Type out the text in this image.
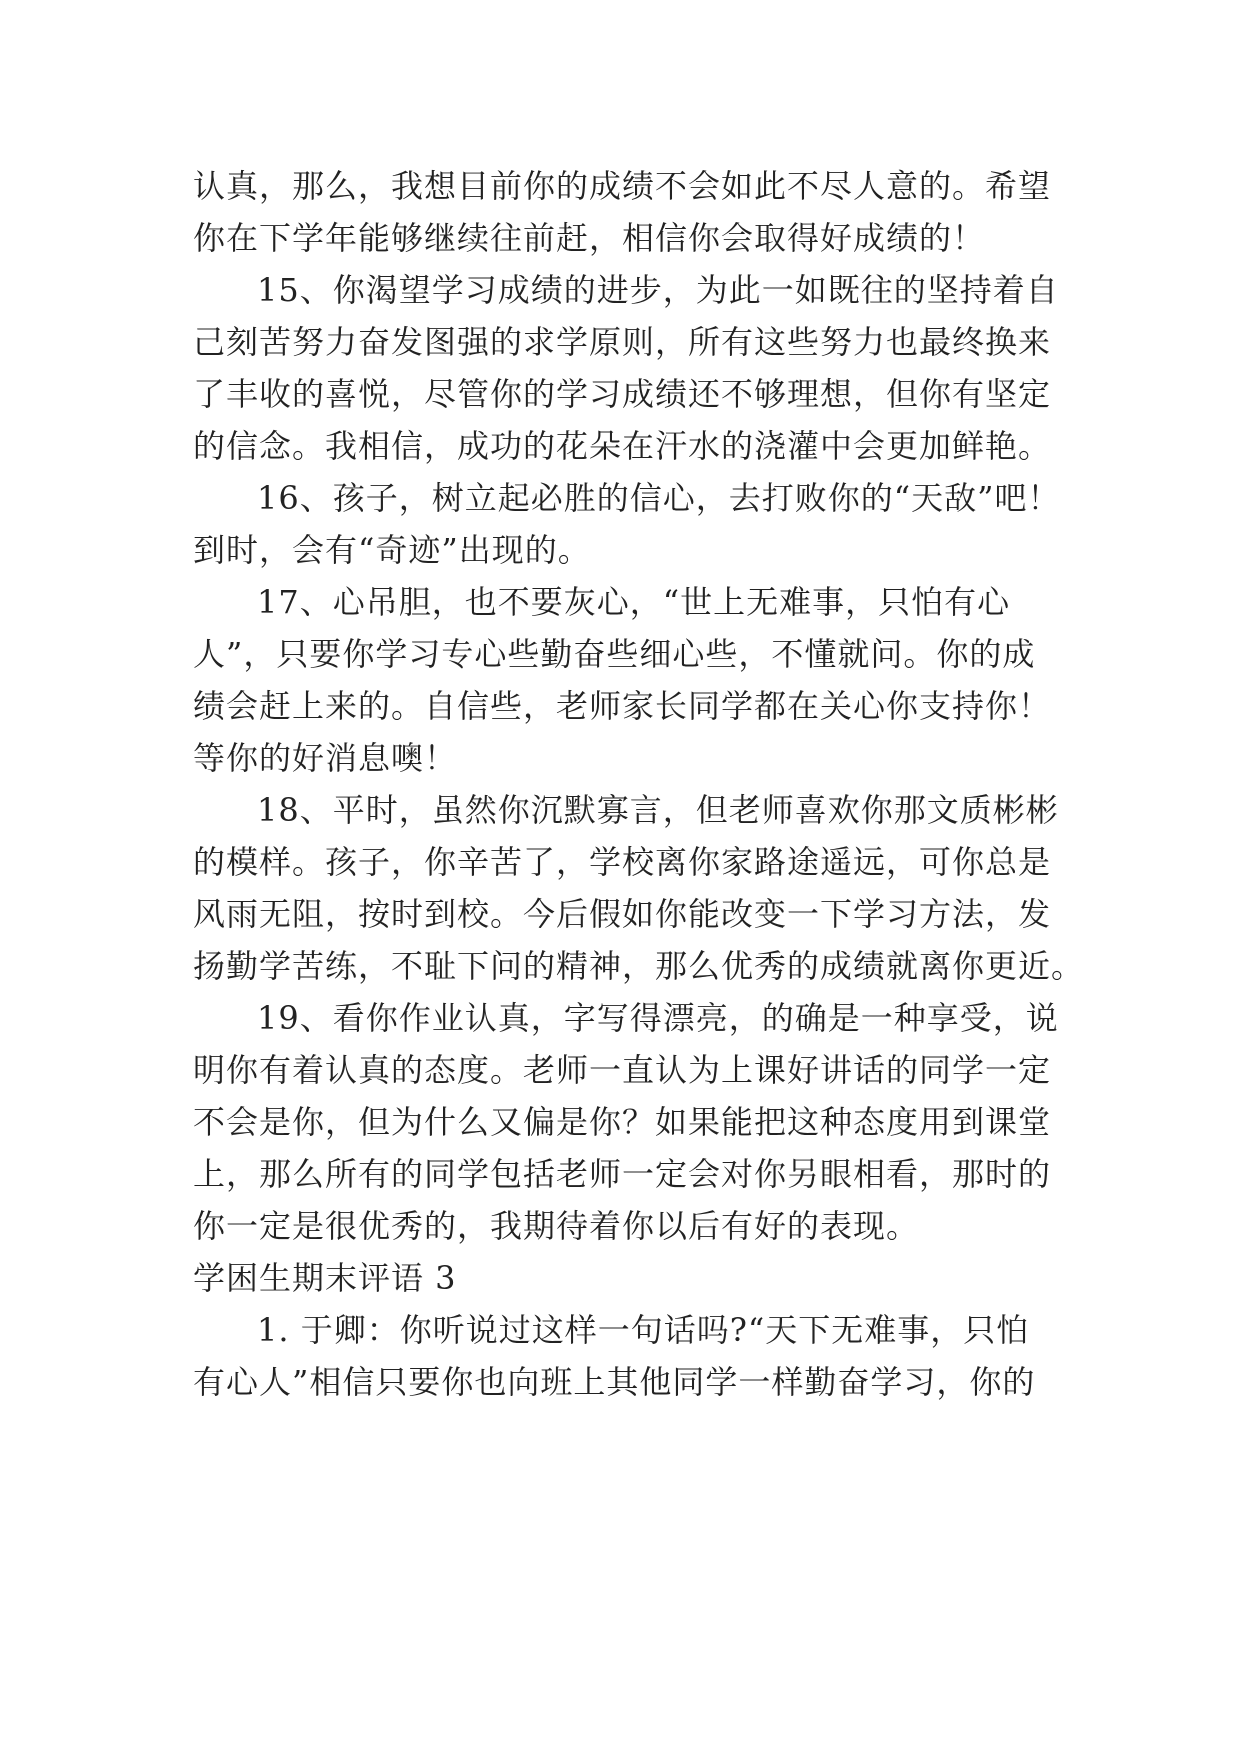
认真，那么，我想目前你的成绩不会如此不尽人意的。希望
你在下学年能够继续往前赶，相信你会取得好成绩的！
15、你渴望学习成绩的进步，为此一如既往的坚持着自
己刻苦努力奋发图强的求学原则，所有这些努力也最终换来
了丰收的喜悦，尽管你的学习成绩还不够理想，但你有坚定
的信念。我相信，成功的花朵在汗水的浇灌中会更加鲜艳。
16、孩子，树立起必胜的信心，去打败你的“天敌”吧！
到时，会有“奇迹”出现的。
17、心吊胆，也不要灰心，“世上无难事，只怕有心
人”，只要你学习专心些勤奋些细心些，不懂就问。你的成
绩会赶上来的。自信些，老师家长同学都在关心你支持你！
等你的好消息噢！
18、平时，虽然你沉默寡言，但老师喜欢你那文质彬彬
的模样。孩子，你辛苦了，学校离你家路途遥远，可你总是
风雨无阻，按时到校。今后假如你能改变一下学习方法，发
扬勤学苦练，不耻下问的精神，那么优秀的成绩就离你更近。
19、看你作业认真，字写得漂亮，的确是一种享受，说
明你有着认真的态度。老师一直认为上课好讲话的同学一定
不会是你，但为什么又偏是你？如果能把这种态度用到课堂
上，那么所有的同学包括老师一定会对你另眼相看，那时的
你一定是很优秀的，我期待着你以后有好的表现。
学困生期末评语 3
1. 于卿：你听说过这样一句话吗?“天下无难事，只怕
有心人”相信只要你也向班上其他同学一样勤奋学习，你的
